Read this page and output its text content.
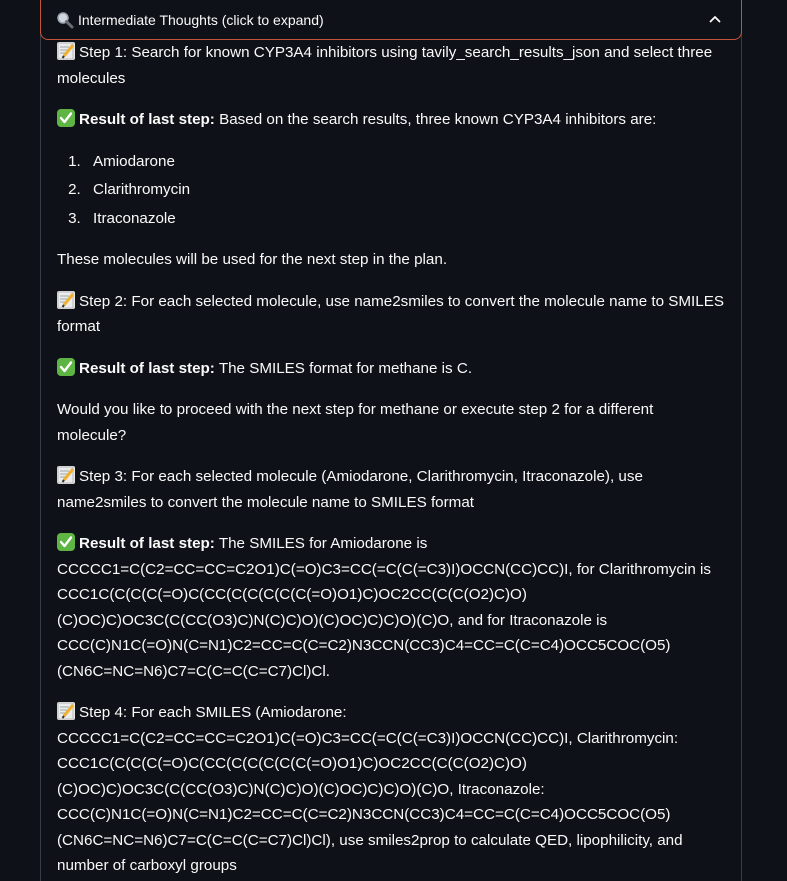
Intermediate Thoughts (click to expand)

Step 1: Search for known CYP3A4 inhibitors using tavily_search_results_json and select three molecules

Result of last step: Based on the search results, three known CYP3A4 inhibitors are:

1. Amiodarone
2. Clarithromycin
3. Itraconazole

These molecules will be used for the next step in the plan.

Step 2: For each selected molecule, use name2smiles to convert the molecule name to SMILES format

Result of last step: The SMILES format for methane is C.

Would you like to proceed with the next step for methane or execute step 2 for a different molecule?

Step 3: For each selected molecule (Amiodarone, Clarithromycin, Itraconazole), use name2smiles to convert the molecule name to SMILES format

Result of last step: The SMILES for Amiodarone is CCCCC1=C(C2=CC=CC=C2O1)C(=O)C3=CC(=C(C(=C3)I)OCCN(CC)CC)I, for Clarithromycin is CCC1C(C(C(C(=O)C(CC(C(C(C(C(C(=O)O1)C)OC2CC(C(C(O2)C)O)(C)OC)C)OC3C(C(CC(O3)C)N(C)C)O)(C)OC)C)C)O)(C)O, and for Itraconazole is CCC(C)N1C(=O)N(C=N1)C2=CC=C(C=C2)N3CCN(CC3)C4=CC=C(C=C4)OCC5COC(O5)(CN6C=NC=N6)C7=C(C=C(C=C7)Cl)Cl.

Step 4: For each SMILES (Amiodarone: CCCCC1=C(C2=CC=CC=C2O1)C(=O)C3=CC(=C(C(=C3)I)OCCN(CC)CC)I, Clarithromycin: CCC1C(C(C(C(=O)C(CC(C(C(C(C(C(=O)O1)C)OC2CC(C(C(O2)C)O)(C)OC)C)OC3C(C(CC(O3)C)N(C)C)O)(C)OC)C)C)O)(C)O, Itraconazole: CCC(C)N1C(=O)N(C=N1)C2=CC=C(C=C2)N3CCN(CC3)C4=CC=C(C=C4)OCC5COC(O5)(CN6C=NC=N6)C7=C(C=C(C=C7)Cl)Cl), use smiles2prop to calculate QED, lipophilicity, and number of carboxyl groups
